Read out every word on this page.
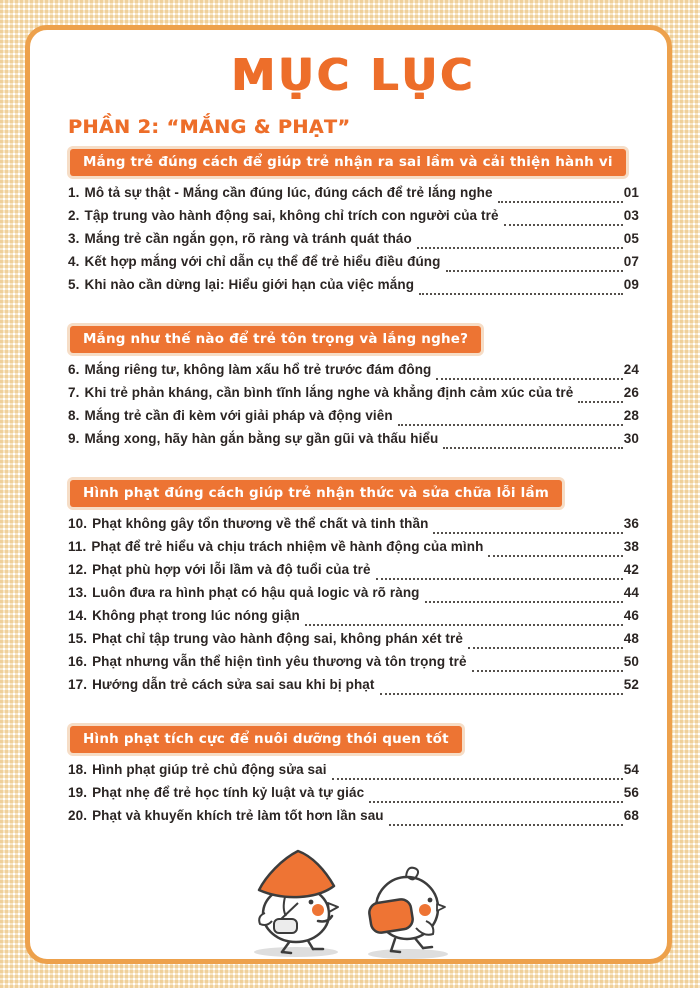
MỤC LỤC
PHẦN 2: “MẮNG & PHẠT”
Mắng trẻ đúng cách để giúp trẻ nhận ra sai lầm và cải thiện hành vi
1. Mô tả sự thật - Mắng cần đúng lúc, đúng cách để trẻ lắng nghe	01
2. Tập trung vào hành động sai, không chỉ trích con người của trẻ	03
3. Mắng trẻ cần ngắn gọn, rõ ràng và tránh quát tháo	05
4. Kết hợp mắng với chỉ dẫn cụ thể để trẻ hiểu điều đúng	07
5. Khi nào cần dừng lại: Hiểu giới hạn của việc mắng	09
Mắng như thế nào để trẻ tôn trọng và lắng nghe?
6. Mắng riêng tư, không làm xấu hổ trẻ trước đám đông	24
7. Khi trẻ phản kháng, cần bình tĩnh lắng nghe và khẳng định cảm xúc của trẻ	26
8. Mắng trẻ cần đi kèm với giải pháp và động viên	28
9. Mắng xong, hãy hàn gắn bằng sự gần gũi và thấu hiểu	30
Hình phạt đúng cách giúp trẻ nhận thức và sửa chữa lỗi lầm
10. Phạt không gây tổn thương về thể chất và tinh thần	36
11. Phạt để trẻ hiểu và chịu trách nhiệm về hành động của mình	38
12. Phạt phù hợp với lỗi lầm và độ tuổi của trẻ	42
13. Luôn đưa ra hình phạt có hậu quả logic và rõ ràng	44
14. Không phạt trong lúc nóng giận	46
15. Phạt chỉ tập trung vào hành động sai, không phán xét trẻ	48
16. Phạt nhưng vẫn thể hiện tình yêu thương và tôn trọng trẻ	50
17. Hướng dẫn trẻ cách sửa sai sau khi bị phạt	52
Hình phạt tích cực để nuôi dưỡng thói quen tốt
18. Hình phạt giúp trẻ chủ động sửa sai	54
19. Phạt nhẹ để trẻ học tính kỷ luật và tự giác	56
20. Phạt và khuyến khích trẻ làm tốt hơn lần sau	68
